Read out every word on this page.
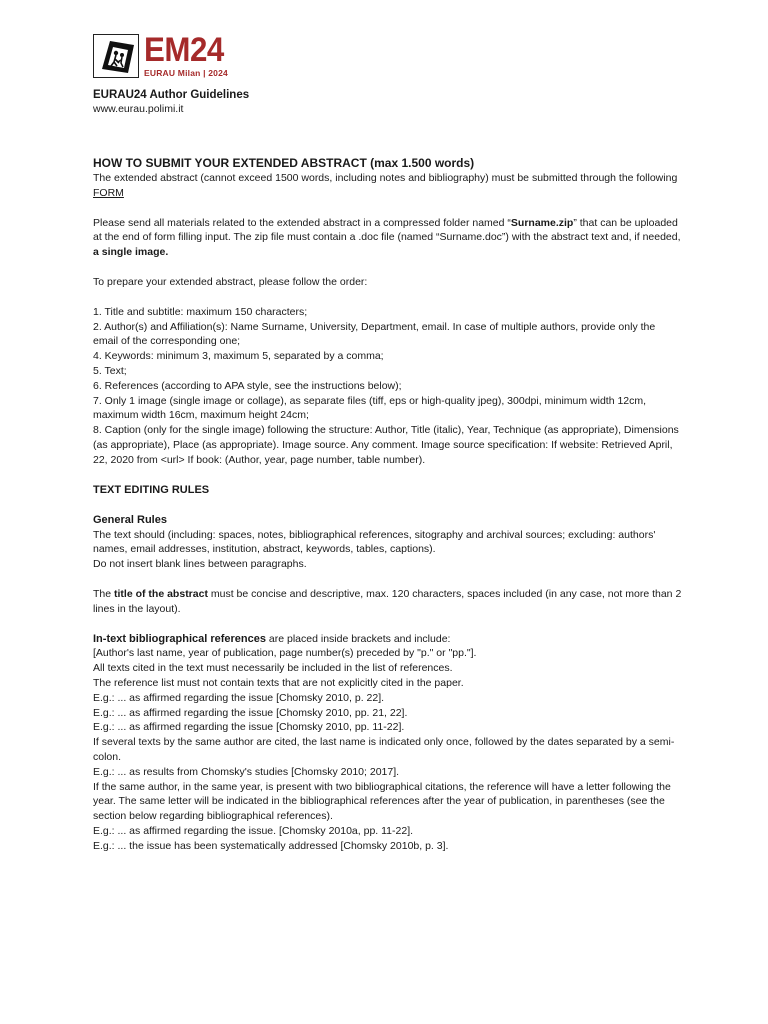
EM24
EURAU Milan | 2024
EURAU24 Author Guidelines
www.eurau.polimi.it
HOW TO SUBMIT YOUR EXTENDED ABSTRACT (max 1.500 words)
The extended abstract (cannot exceed 1500 words, including notes and bibliography) must be submitted through the following FORM
Please send all materials related to the extended abstract in a compressed folder named “Surname.zip” that can be uploaded at the end of form filling input. The zip file must contain a .doc file (named “Surname.doc”) with the abstract text and, if needed, a single image.
To prepare your extended abstract, please follow the order:
1. Title and subtitle: maximum 150 characters;
2. Author(s) and Affiliation(s): Name Surname, University, Department, email. In case of multiple authors, provide only the email of the corresponding one;
4. Keywords: minimum 3, maximum 5, separated by a comma;
5. Text;
6. References (according to APA style, see the instructions below);
7. Only 1 image (single image or collage), as separate files (tiff, eps or high-quality jpeg), 300dpi, minimum width 12cm, maximum width 16cm, maximum height 24cm;
8. Caption (only for the single image) following the structure: Author, Title (italic), Year, Technique (as appropriate), Dimensions (as appropriate), Place (as appropriate). Image source. Any comment. Image source specification: If website: Retrieved April, 22, 2020 from <url> If book: (Author, year, page number, table number).
TEXT EDITING RULES
General Rules
The text should (including: spaces, notes, bibliographical references, sitography and archival sources; excluding: authors' names, email addresses, institution, abstract, keywords, tables, captions).
Do not insert blank lines between paragraphs.
The title of the abstract must be concise and descriptive, max. 120 characters, spaces included (in any case, not more than 2 lines in the layout).
In-text bibliographical references are placed inside brackets and include:
[Author's last name, year of publication, page number(s) preceded by "p." or "pp."].
All texts cited in the text must necessarily be included in the list of references.
The reference list must not contain texts that are not explicitly cited in the paper.
E.g.: ... as affirmed regarding the issue [Chomsky 2010, p. 22].
E.g.: ... as affirmed regarding the issue [Chomsky 2010, pp. 21, 22].
E.g.: ... as affirmed regarding the issue [Chomsky 2010, pp. 11-22].
If several texts by the same author are cited, the last name is indicated only once, followed by the dates separated by a semi-colon.
E.g.: ... as results from Chomsky's studies [Chomsky 2010; 2017].
If the same author, in the same year, is present with two bibliographical citations, the reference will have a letter following the year. The same letter will be indicated in the bibliographical references after the year of publication, in parentheses (see the section below regarding bibliographical references).
E.g.: ... as affirmed regarding the issue. [Chomsky 2010a, pp. 11-22].
E.g.: ... the issue has been systematically addressed [Chomsky 2010b, p. 3].
